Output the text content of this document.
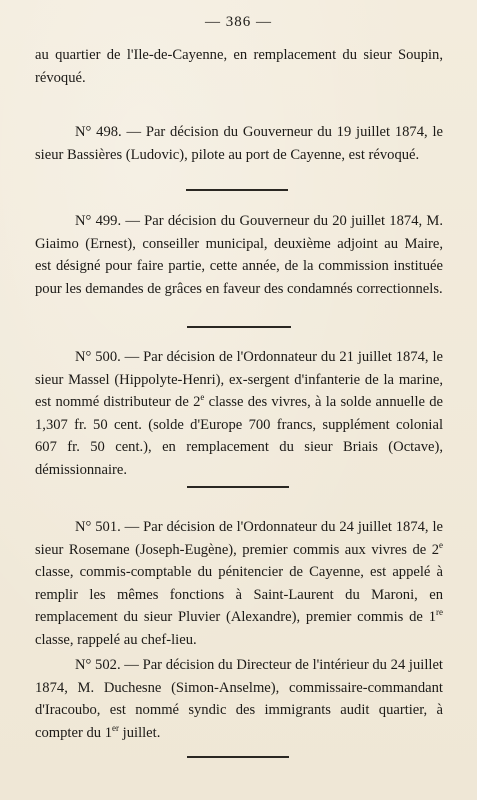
— 386 —

au quartier de l'Ile-de-Cayenne, en remplacement du sieur Soupin, révoqué.

N° 498. — Par décision du Gouverneur du 19 juillet 1874, le sieur Bassières (Ludovic), pilote au port de Cayenne, est révoqué.

N° 499. — Par décision du Gouverneur du 20 juillet 1874, M. Giaimo (Ernest), conseiller municipal, deuxième adjoint au Maire, est désigné pour faire partie, cette année, de la commission instituée pour les demandes de grâces en faveur des condamnés correctionnels.

N° 500. — Par décision de l'Ordonnateur du 21 juillet 1874, le sieur Massel (Hippolyte-Henri), ex-sergent d'infanterie de la marine, est nommé distributeur de 2e classe des vivres, à la solde annuelle de 1,307 fr. 50 cent. (solde d'Europe 700 francs, supplément colonial 607 fr. 50 cent.), en remplacement du sieur Briais (Octave), démissionnaire.

N° 501. — Par décision de l'Ordonnateur du 24 juillet 1874, le sieur Rosemane (Joseph-Eugène), premier commis aux vivres de 2e classe, commis-comptable du pénitencier de Cayenne, est appelé à remplir les mêmes fonctions à Saint-Laurent du Maroni, en remplacement du sieur Pluvier (Alexandre), premier commis de 1re classe, rappelé au chef-lieu.

N° 502. — Par décision du Directeur de l'intérieur du 24 juillet 1874, M. Duchesne (Simon-Anselme), commissaire-commandant d'Iracoubo, est nommé syndic des immigrants audit quartier, à compter du 1er juillet.
